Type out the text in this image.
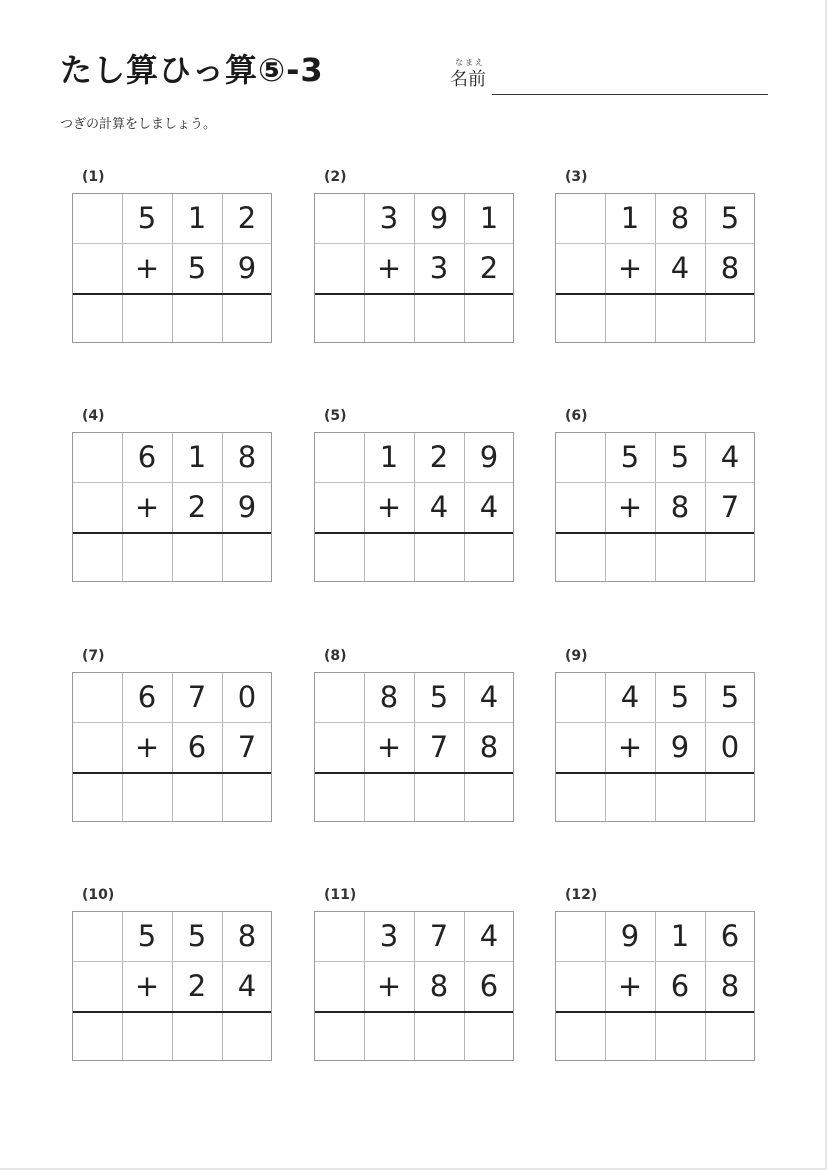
たし算ひっ算⑤-3	なまえ
名前
つぎの計算をしましょう。
(1)
5	1	2
+ 5	9
(2)
3	9	1
+ 3	2
(3)
1	8	5
+ 4	8
(4)
6	1	8
+ 2	9
(5)
1	2	9
+ 4	4
(6)
5	5	4
+ 8	7
(7)
6	7	0
+ 6	7
(8)
8	5	4
+ 7	8
(9)
4	5	5
+ 9	0
(10)
5	5	8
+ 2	4
(11)
3	7	4
+ 8	6
(12)
9	1	6
+ 6	8
